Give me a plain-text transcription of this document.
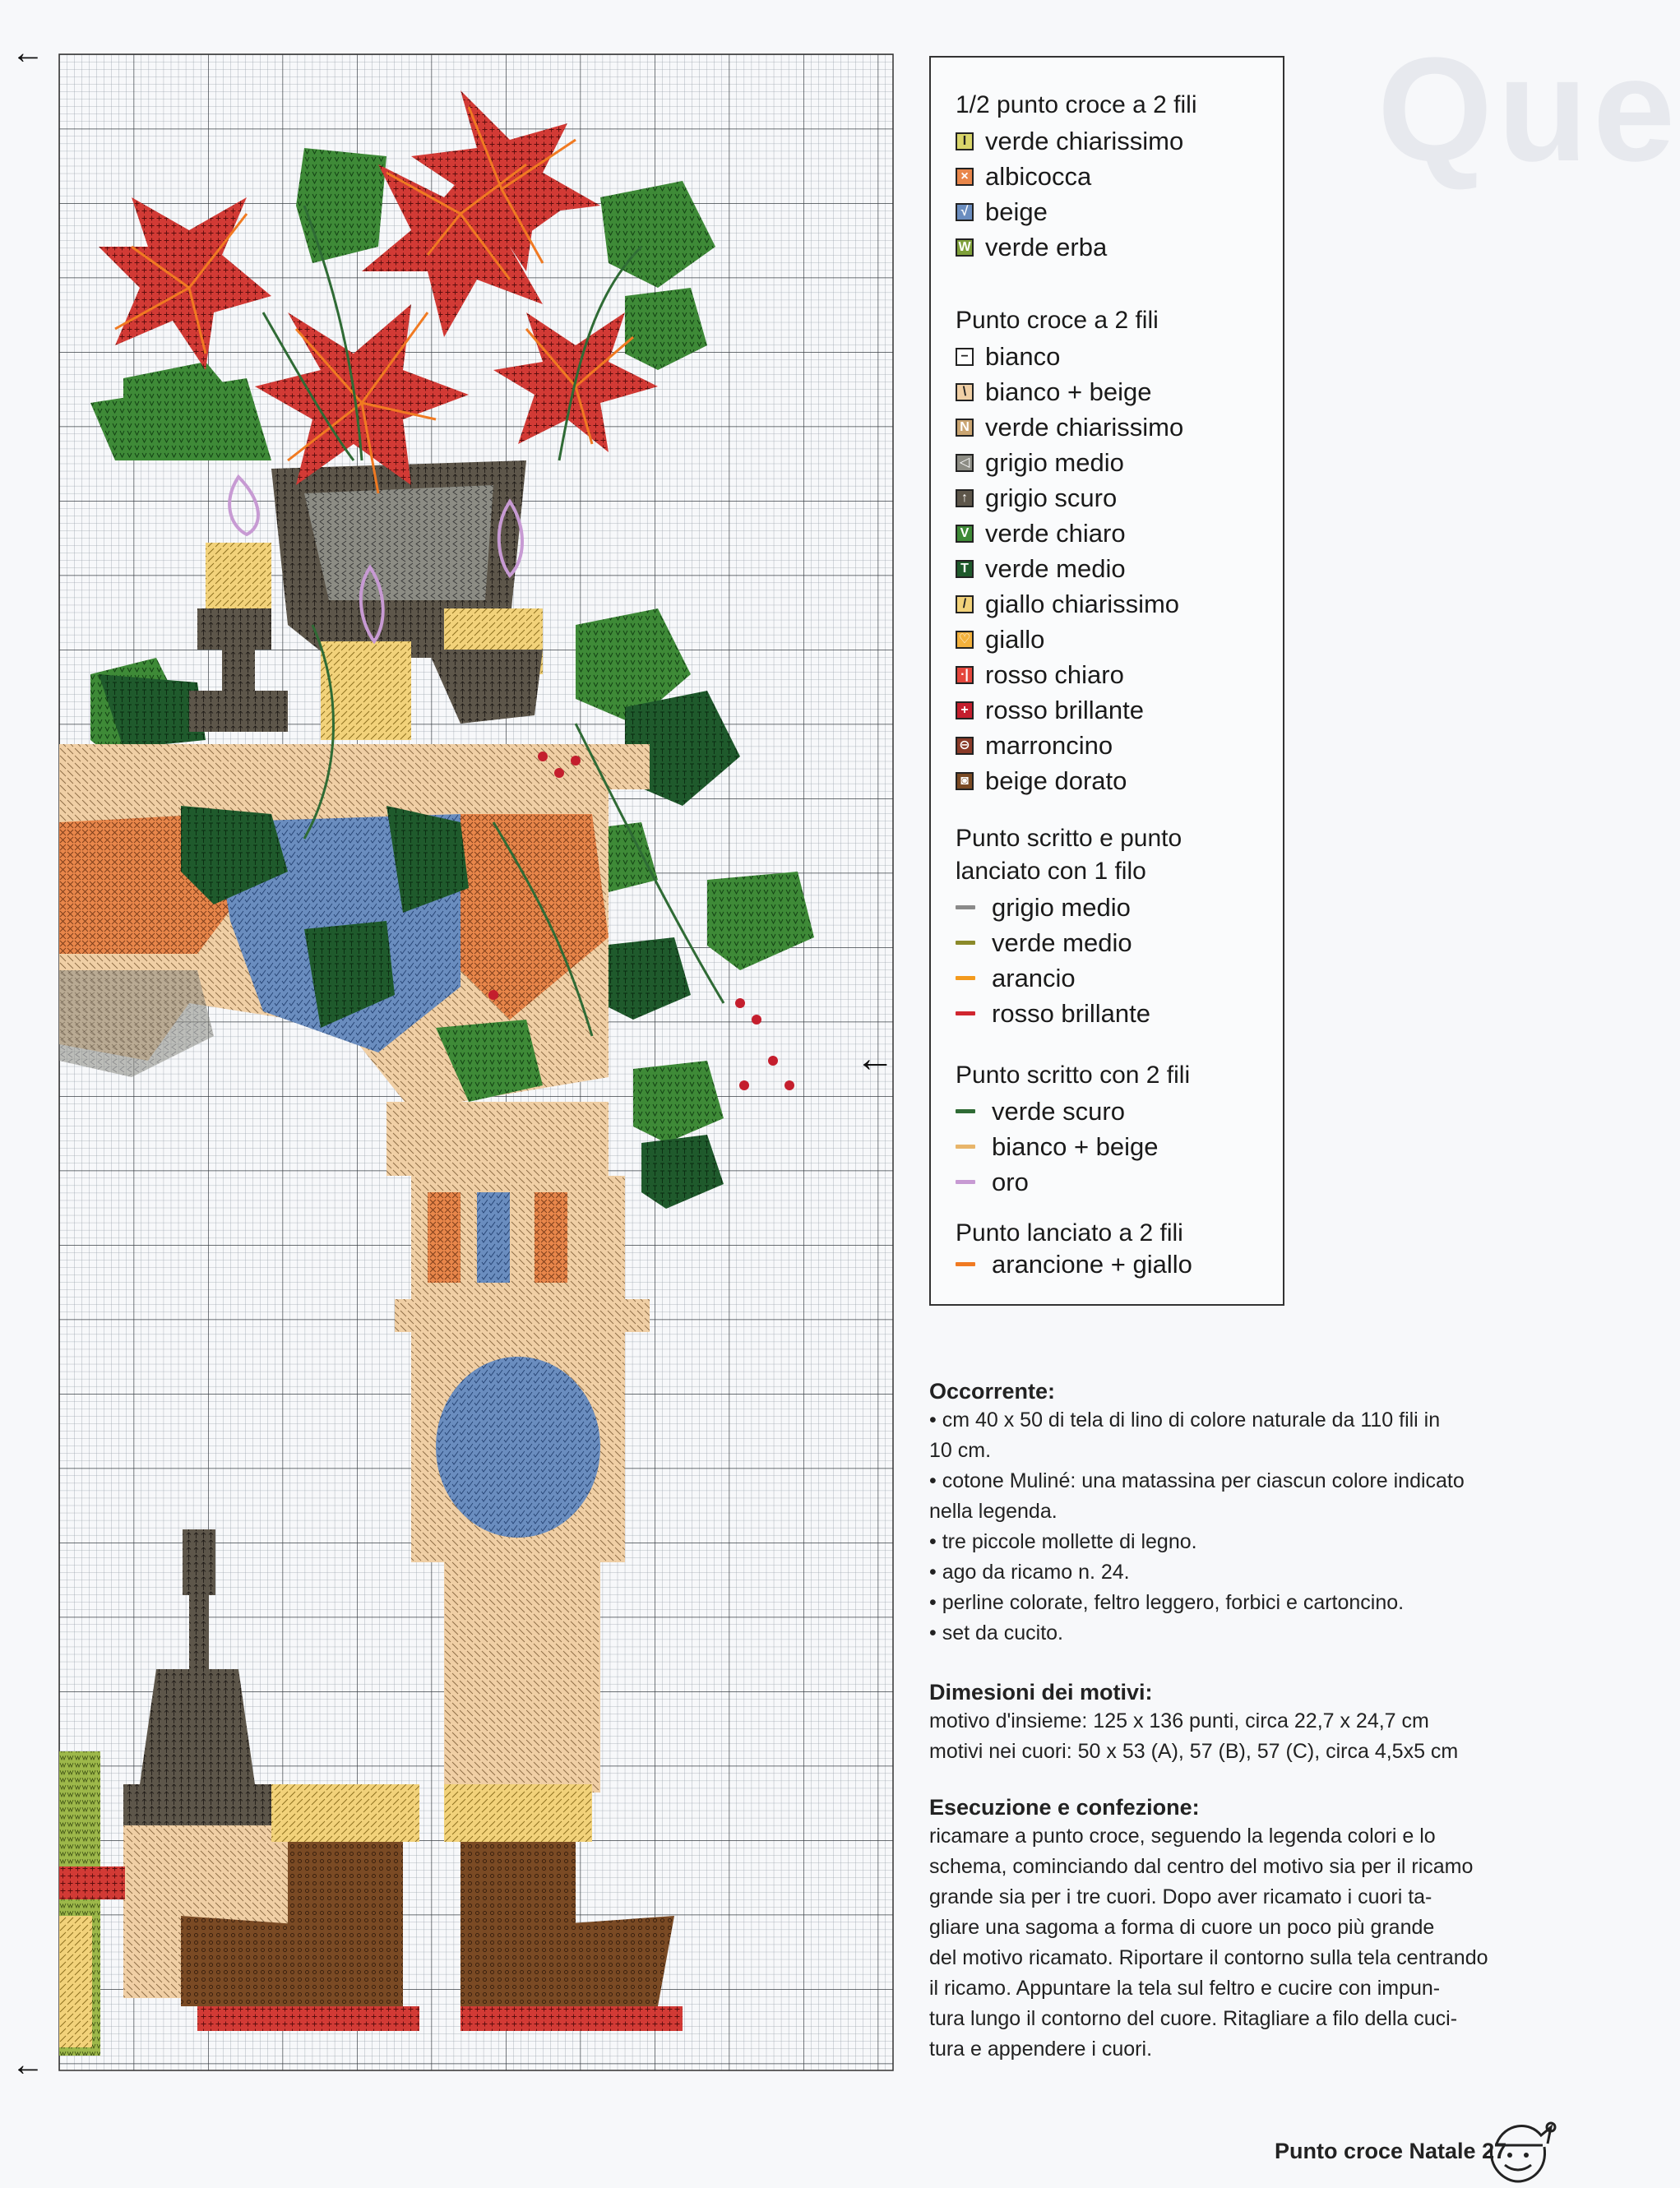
←
←
←
Que
1/2 punto croce a 2 fili
I verde chiarissimo
× albicocca
√ beige
W verde erba
Punto croce a 2 fili
− bianco
\ bianco + beige
N verde chiarissimo
◁ grigio medio
↑ grigio scuro
V verde chiaro
T verde medio
/ giallo chiarissimo
♡ giallo
·| rosso chiaro
+ rosso brillante
⊖ marroncino
◙ beige dorato
Punto scritto e punto
lanciato con 1 filo
grigio medio
verde medio
arancio
rosso brillante
Punto scritto con 2 fili
verde scuro
bianco + beige
oro
Punto lanciato a 2 fili
arancione + giallo
Occorrente:
• cm 40 x 50 di tela di lino di colore naturale da 110 fili in
10 cm.
• cotone Muliné: una matassina per ciascun colore indicato
nella legenda.
• tre piccole mollette di legno.
• ago da ricamo n. 24.
• perline colorate, feltro leggero, forbici e cartoncino.
• set da cucito.
Dimesioni dei motivi:
motivo d'insieme: 125 x 136 punti, circa 22,7 x 24,7 cm
motivi nei cuori: 50 x 53 (A), 57 (B), 57 (C), circa 4,5x5 cm
Esecuzione e confezione:
ricamare a punto croce, seguendo la legenda colori e lo
schema, cominciando dal centro del motivo sia per il ricamo
grande sia per i tre cuori. Dopo aver ricamato i cuori ta-
gliare una sagoma a forma di cuore un poco più grande
del motivo ricamato. Riportare il contorno sulla tela centrando
il ricamo. Appuntare la tela sul feltro e cucire con impun-
tura lungo il contorno del cuore. Ritagliare a filo della cuci-
tura e appendere i cuori.
Punto croce Natale 27
